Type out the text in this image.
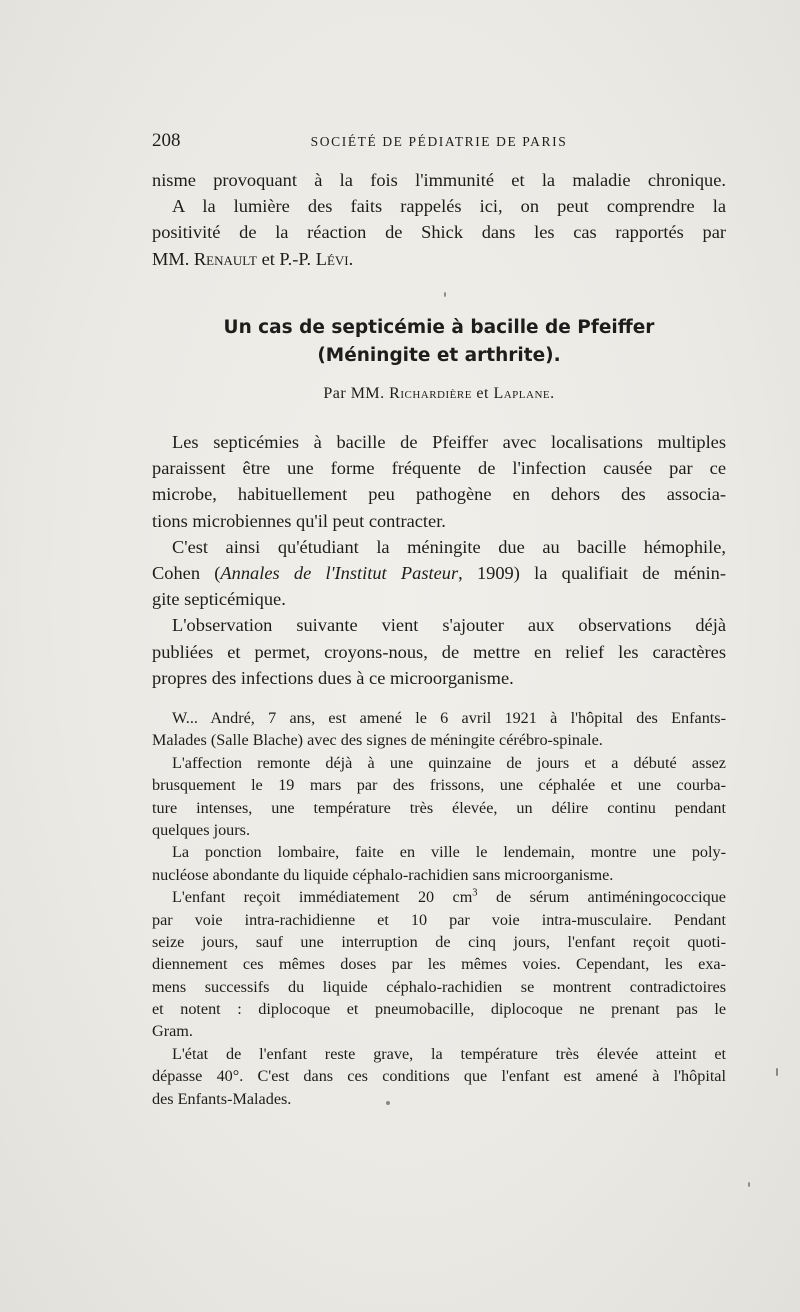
208	SOCIÉTÉ DE PÉDIATRIE DE PARIS
nisme provoquant à la fois l'immunité et la maladie chronique.
A la lumière des faits rappelés ici, on peut comprendre la
positivité de la réaction de Shick dans les cas rapportés par
MM. Renault et P.-P. Lévi.
Un cas de septicémie à bacille de Pfeiffer
(Méningite et arthrite).
Par MM. Richardière et Laplane.
Les septicémies à bacille de Pfeiffer avec localisations multiples
paraissent être une forme fréquente de l'infection causée par ce
microbe, habituellement peu pathogène en dehors des associa-
tions microbiennes qu'il peut contracter.
C'est ainsi qu'étudiant la méningite due au bacille hémophile,
Cohen (Annales de l'Institut Pasteur, 1909) la qualifiait de ménin-
gite septicémique.
L'observation suivante vient s'ajouter aux observations déjà
publiées et permet, croyons-nous, de mettre en relief les caractères
propres des infections dues à ce microorganisme.
W... André, 7 ans, est amené le 6 avril 1921 à l'hôpital des Enfants-
Malades (Salle Blache) avec des signes de méningite cérébro-spinale.
L'affection remonte déjà à une quinzaine de jours et a débuté assez
brusquement le 19 mars par des frissons, une céphalée et une courba-
ture intenses, une température très élevée, un délire continu pendant
quelques jours.
La ponction lombaire, faite en ville le lendemain, montre une poly-
nucléose abondante du liquide céphalo-rachidien sans microorganisme.
L'enfant reçoit immédiatement 20 $cm^3$ de sérum antiméningococcique
par voie intra-rachidienne et 10 par voie intra-musculaire. Pendant
seize jours, sauf une interruption de cinq jours, l'enfant reçoit quoti-
diennement ces mêmes doses par les mêmes voies. Cependant, les exa-
mens successifs du liquide céphalo-rachidien se montrent contradictoires
et notent : diplocoque et pneumobacille, diplocoque ne prenant pas le
Gram.
L'état de l'enfant reste grave, la température très élevée atteint et
dépasse 40°. C'est dans ces conditions que l'enfant est amené à l'hôpital
des Enfants-Malades.
